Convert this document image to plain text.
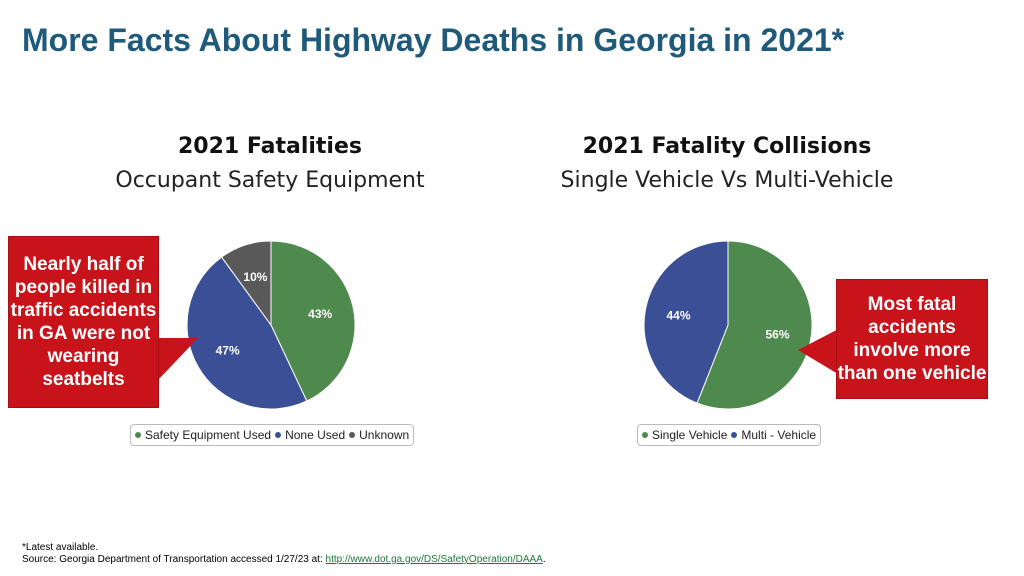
More Facts About Highway Deaths in Georgia in 2021*
2021 Fatalities
Occupant Safety Equipment
43%
47%
10%
Safety Equipment Used None Used Unknown
2021 Fatality Collisions
Single Vehicle Vs Multi-Vehicle
56%
44%
Single Vehicle Multi - Vehicle
Nearly half of people killed in traffic accidents in GA were not wearing seatbelts
Most fatal accidents involve more than one vehicle
*Latest available.
Source: Georgia Department of Transportation accessed 1/27/23 at: http://www.dot.ga.gov/DS/SafetyOperation/DAAA.
